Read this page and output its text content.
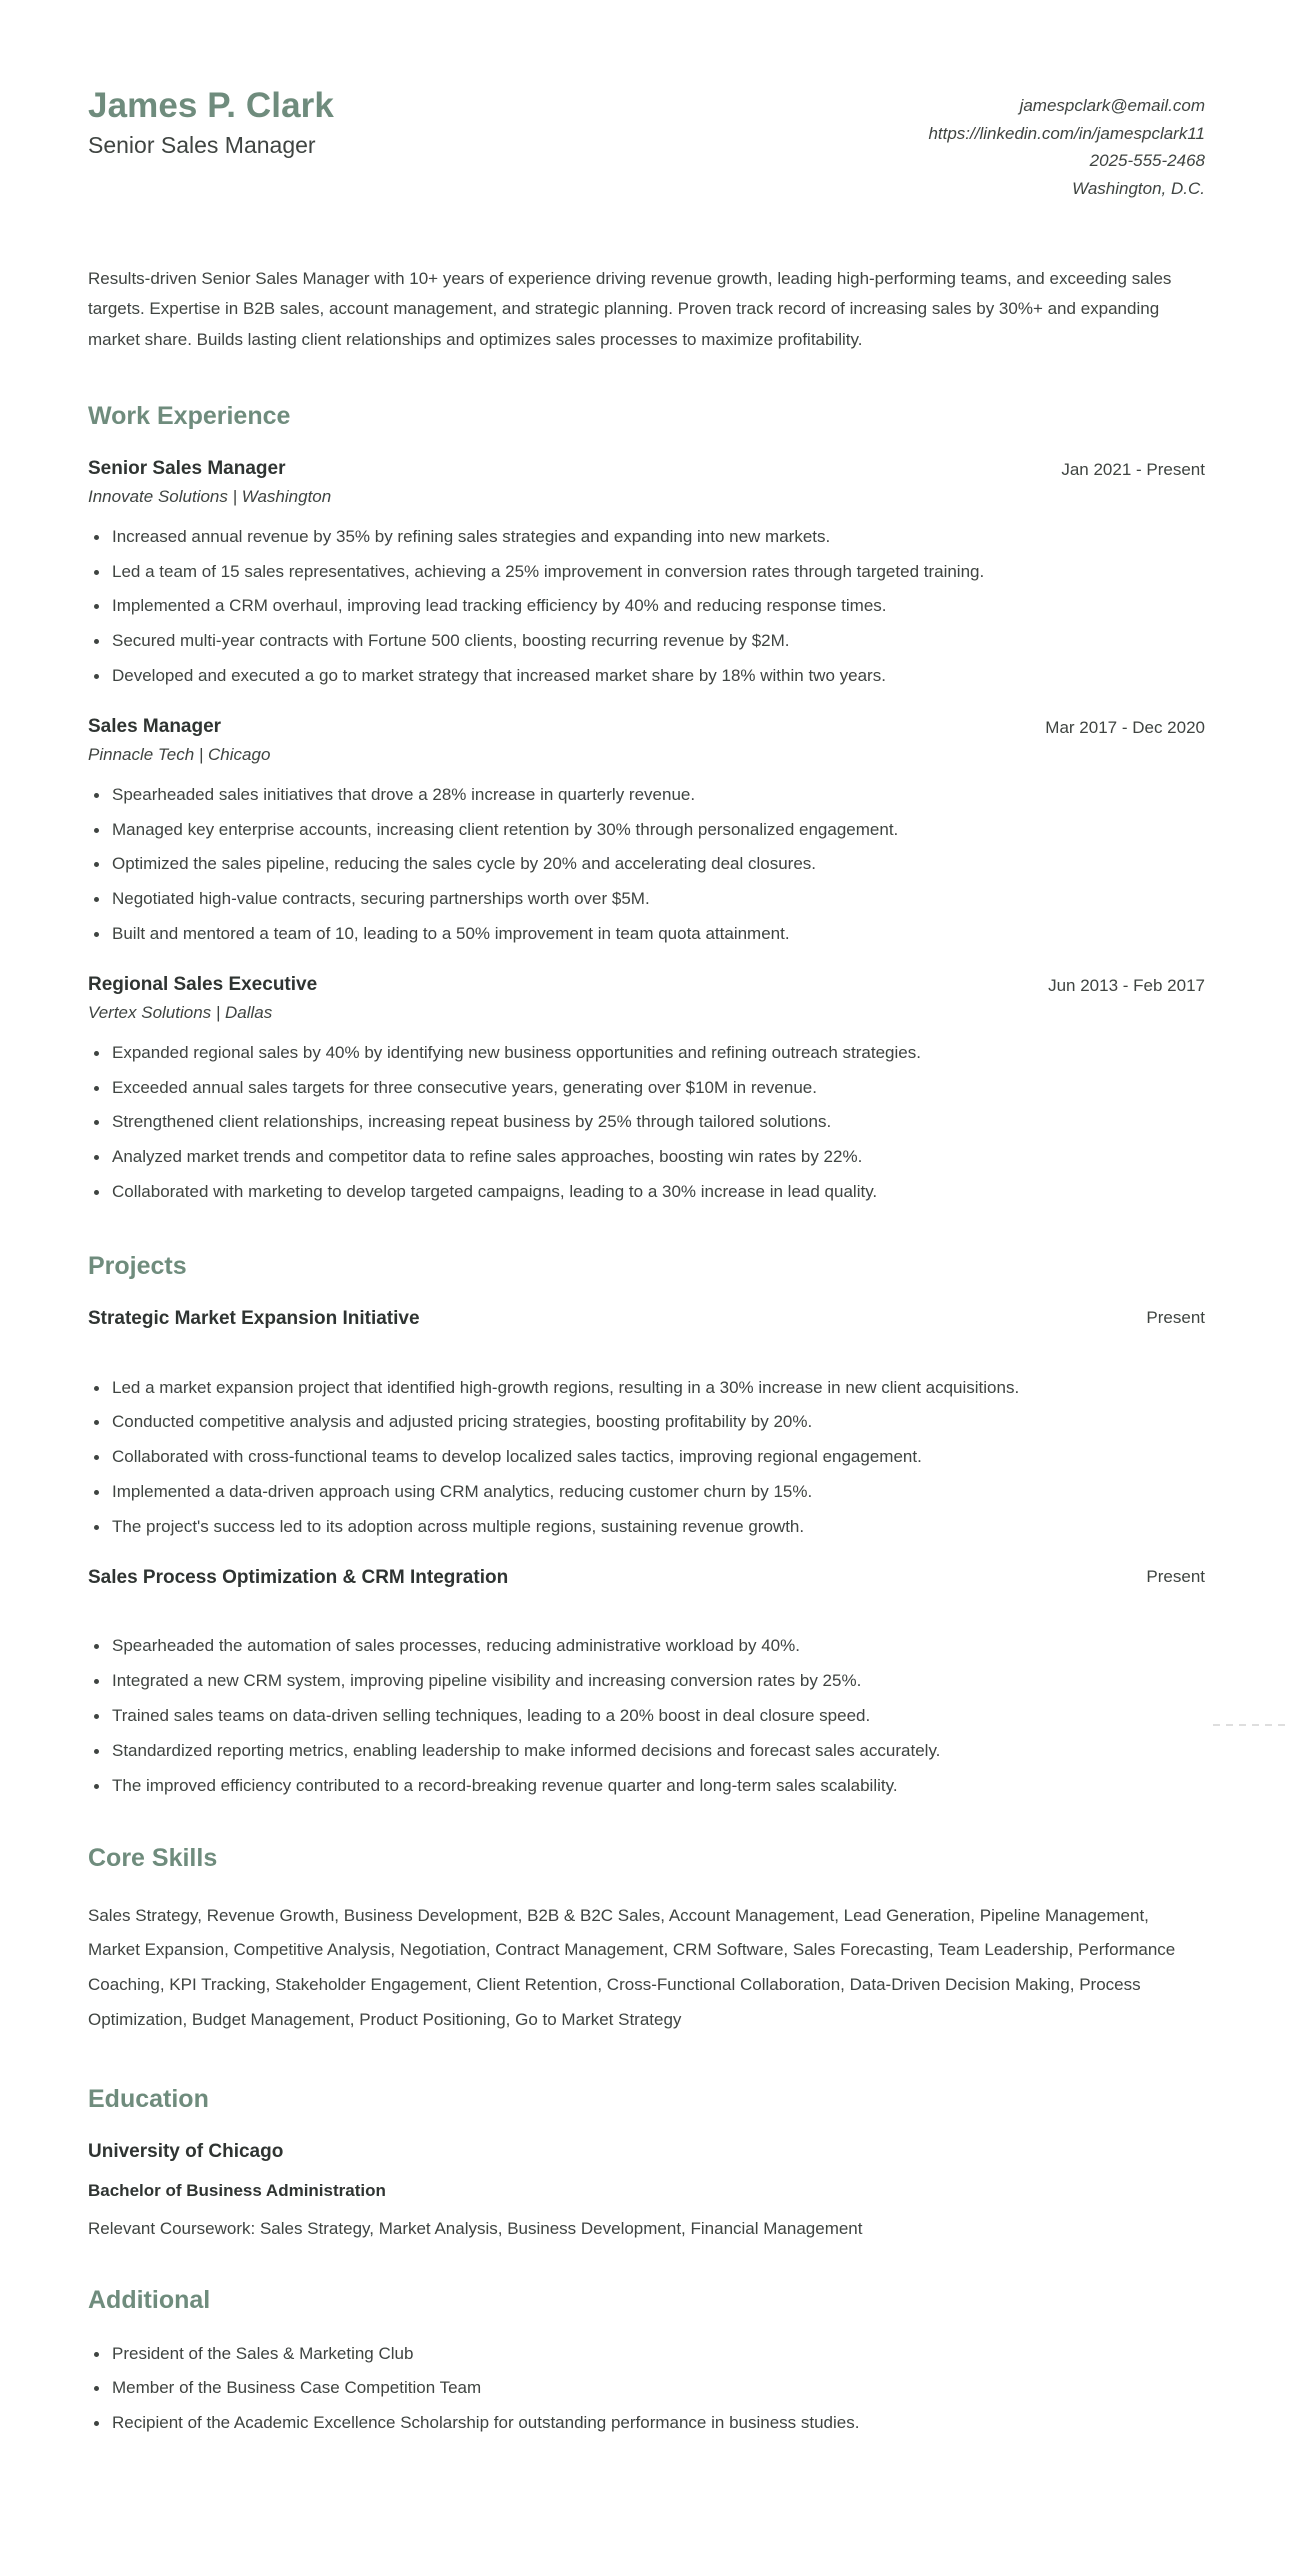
James P. Clark
Senior Sales Manager
jamespclark@email.com
https://linkedin.com/in/jamespclark11
2025-555-2468
Washington, D.C.
Results-driven Senior Sales Manager with 10+ years of experience driving revenue growth, leading high-performing teams, and exceeding sales targets. Expertise in B2B sales, account management, and strategic planning. Proven track record of increasing sales by 30%+ and expanding market share. Builds lasting client relationships and optimizes sales processes to maximize profitability.
Work Experience
Senior Sales Manager	Jan 2021 - Present
Innovate Solutions | Washington
Increased annual revenue by 35% by refining sales strategies and expanding into new markets.
Led a team of 15 sales representatives, achieving a 25% improvement in conversion rates through targeted training.
Implemented a CRM overhaul, improving lead tracking efficiency by 40% and reducing response times.
Secured multi-year contracts with Fortune 500 clients, boosting recurring revenue by $2M.
Developed and executed a go to market strategy that increased market share by 18% within two years.
Sales Manager	Mar 2017 - Dec 2020
Pinnacle Tech | Chicago
Spearheaded sales initiatives that drove a 28% increase in quarterly revenue.
Managed key enterprise accounts, increasing client retention by 30% through personalized engagement.
Optimized the sales pipeline, reducing the sales cycle by 20% and accelerating deal closures.
Negotiated high-value contracts, securing partnerships worth over $5M.
Built and mentored a team of 10, leading to a 50% improvement in team quota attainment.
Regional Sales Executive	Jun 2013 - Feb 2017
Vertex Solutions | Dallas
Expanded regional sales by 40% by identifying new business opportunities and refining outreach strategies.
Exceeded annual sales targets for three consecutive years, generating over $10M in revenue.
Strengthened client relationships, increasing repeat business by 25% through tailored solutions.
Analyzed market trends and competitor data to refine sales approaches, boosting win rates by 22%.
Collaborated with marketing to develop targeted campaigns, leading to a 30% increase in lead quality.
Projects
Strategic Market Expansion Initiative	Present
Led a market expansion project that identified high-growth regions, resulting in a 30% increase in new client acquisitions.
Conducted competitive analysis and adjusted pricing strategies, boosting profitability by 20%.
Collaborated with cross-functional teams to develop localized sales tactics, improving regional engagement.
Implemented a data-driven approach using CRM analytics, reducing customer churn by 15%.
The project's success led to its adoption across multiple regions, sustaining revenue growth.
Sales Process Optimization & CRM Integration	Present
Spearheaded the automation of sales processes, reducing administrative workload by 40%.
Integrated a new CRM system, improving pipeline visibility and increasing conversion rates by 25%.
Trained sales teams on data-driven selling techniques, leading to a 20% boost in deal closure speed.
Standardized reporting metrics, enabling leadership to make informed decisions and forecast sales accurately.
The improved efficiency contributed to a record-breaking revenue quarter and long-term sales scalability.
Core Skills
Sales Strategy, Revenue Growth, Business Development, B2B & B2C Sales, Account Management, Lead Generation, Pipeline Management, Market Expansion, Competitive Analysis, Negotiation, Contract Management, CRM Software, Sales Forecasting, Team Leadership, Performance Coaching, KPI Tracking, Stakeholder Engagement, Client Retention, Cross-Functional Collaboration, Data-Driven Decision Making, Process Optimization, Budget Management, Product Positioning, Go to Market Strategy
Education
University of Chicago
Bachelor of Business Administration
Relevant Coursework: Sales Strategy, Market Analysis, Business Development, Financial Management
Additional
President of the Sales & Marketing Club
Member of the Business Case Competition Team
Recipient of the Academic Excellence Scholarship for outstanding performance in business studies.
